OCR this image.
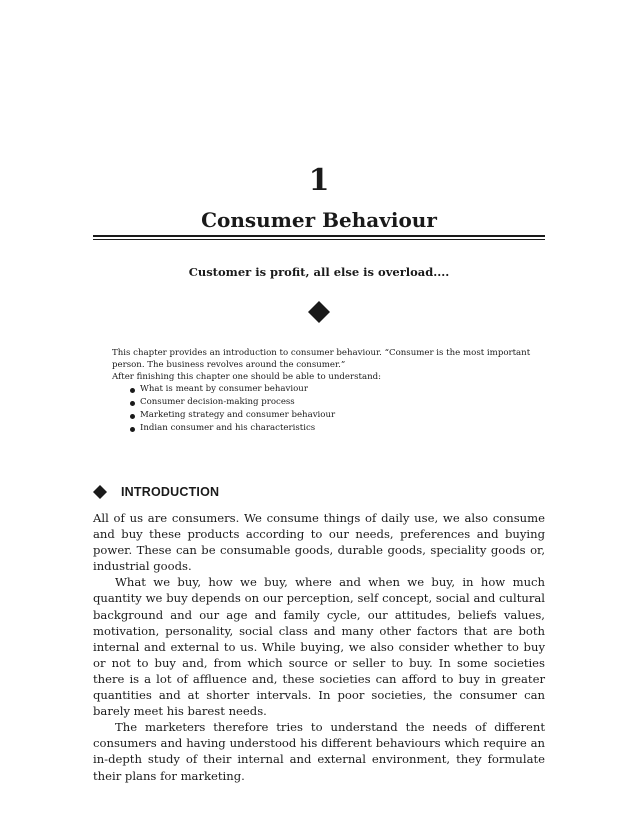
1
Consumer Behaviour
Customer is profit, all else is overload....

This chapter provides an introduction to consumer behaviour. “Consumer is the most important person. The business revolves around the consumer.”

After finishing this chapter one should be able to understand:

What is meant by consumer behaviour
Consumer decision-making process
Marketing strategy and consumer behaviour
Indian consumer and his characteristics
INTRODUCTION

All of us are consumers. We consume things of daily use, we also consume and buy these products according to our needs, preferences and buying power. These can be consumable goods, durable goods, speciality goods or, industrial goods.

What we buy, how we buy, where and when we buy, in how much quantity we buy depends on our perception, self concept, social and cultural background and our age and family cycle, our attitudes, beliefs values, motivation, personality, social class and many other factors that are both internal and external to us. While buying, we also consider whether to buy or not to buy and, from which source or seller to buy. In some societies there is a lot of affluence and, these societies can afford to buy in greater quantities and at shorter intervals. In poor societies, the consumer can barely meet his barest needs.

The marketers therefore tries to understand the needs of different consumers and having understood his different behaviours which require an in-depth study of their internal and external environment, they formulate their plans for marketing.
